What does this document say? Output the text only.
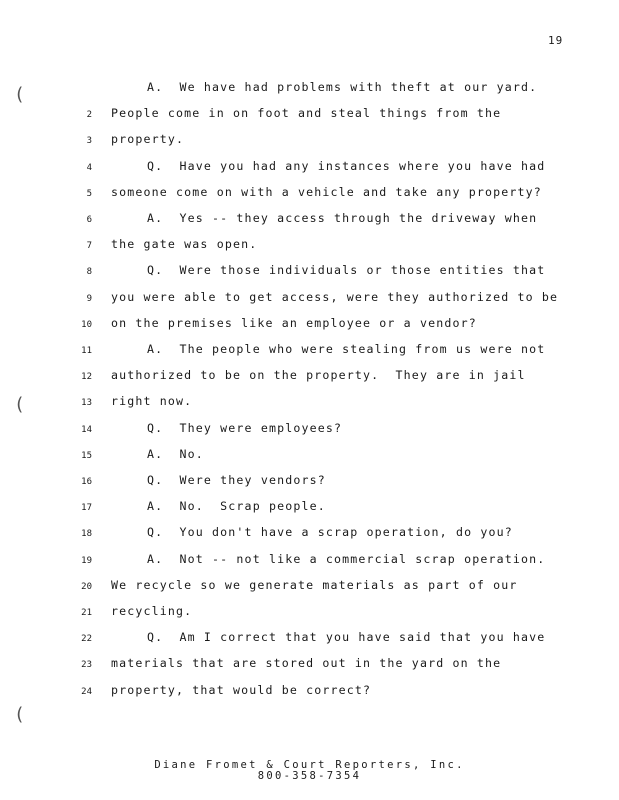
19
(
(
(
A.  We have had problems with theft at our yard.
2 People come in on foot and steal things from the
3 property.
4	Q.  Have you had any instances where you have had
5 someone come on with a vehicle and take any property?
6	A.  Yes -- they access through the driveway when
7 the gate was open.
8	Q.  Were those individuals or those entities that
9 you were able to get access, were they authorized to be
10 on the premises like an employee or a vendor?
11	A.  The people who were stealing from us were not
12 authorized to be on the property.  They are in jail
13 right now.
14	Q.  They were employees?
15	A.  No.
16	Q.  Were they vendors?
17	A.  No.  Scrap people.
18	Q.  You don't have a scrap operation, do you?
19	A.  Not -- not like a commercial scrap operation.
20 We recycle so we generate materials as part of our
21 recycling.
22	Q.  Am I correct that you have said that you have
23 materials that are stored out in the yard on the
24 property, that would be correct?
Diane Fromet & Court Reporters, Inc.
800-358-7354
